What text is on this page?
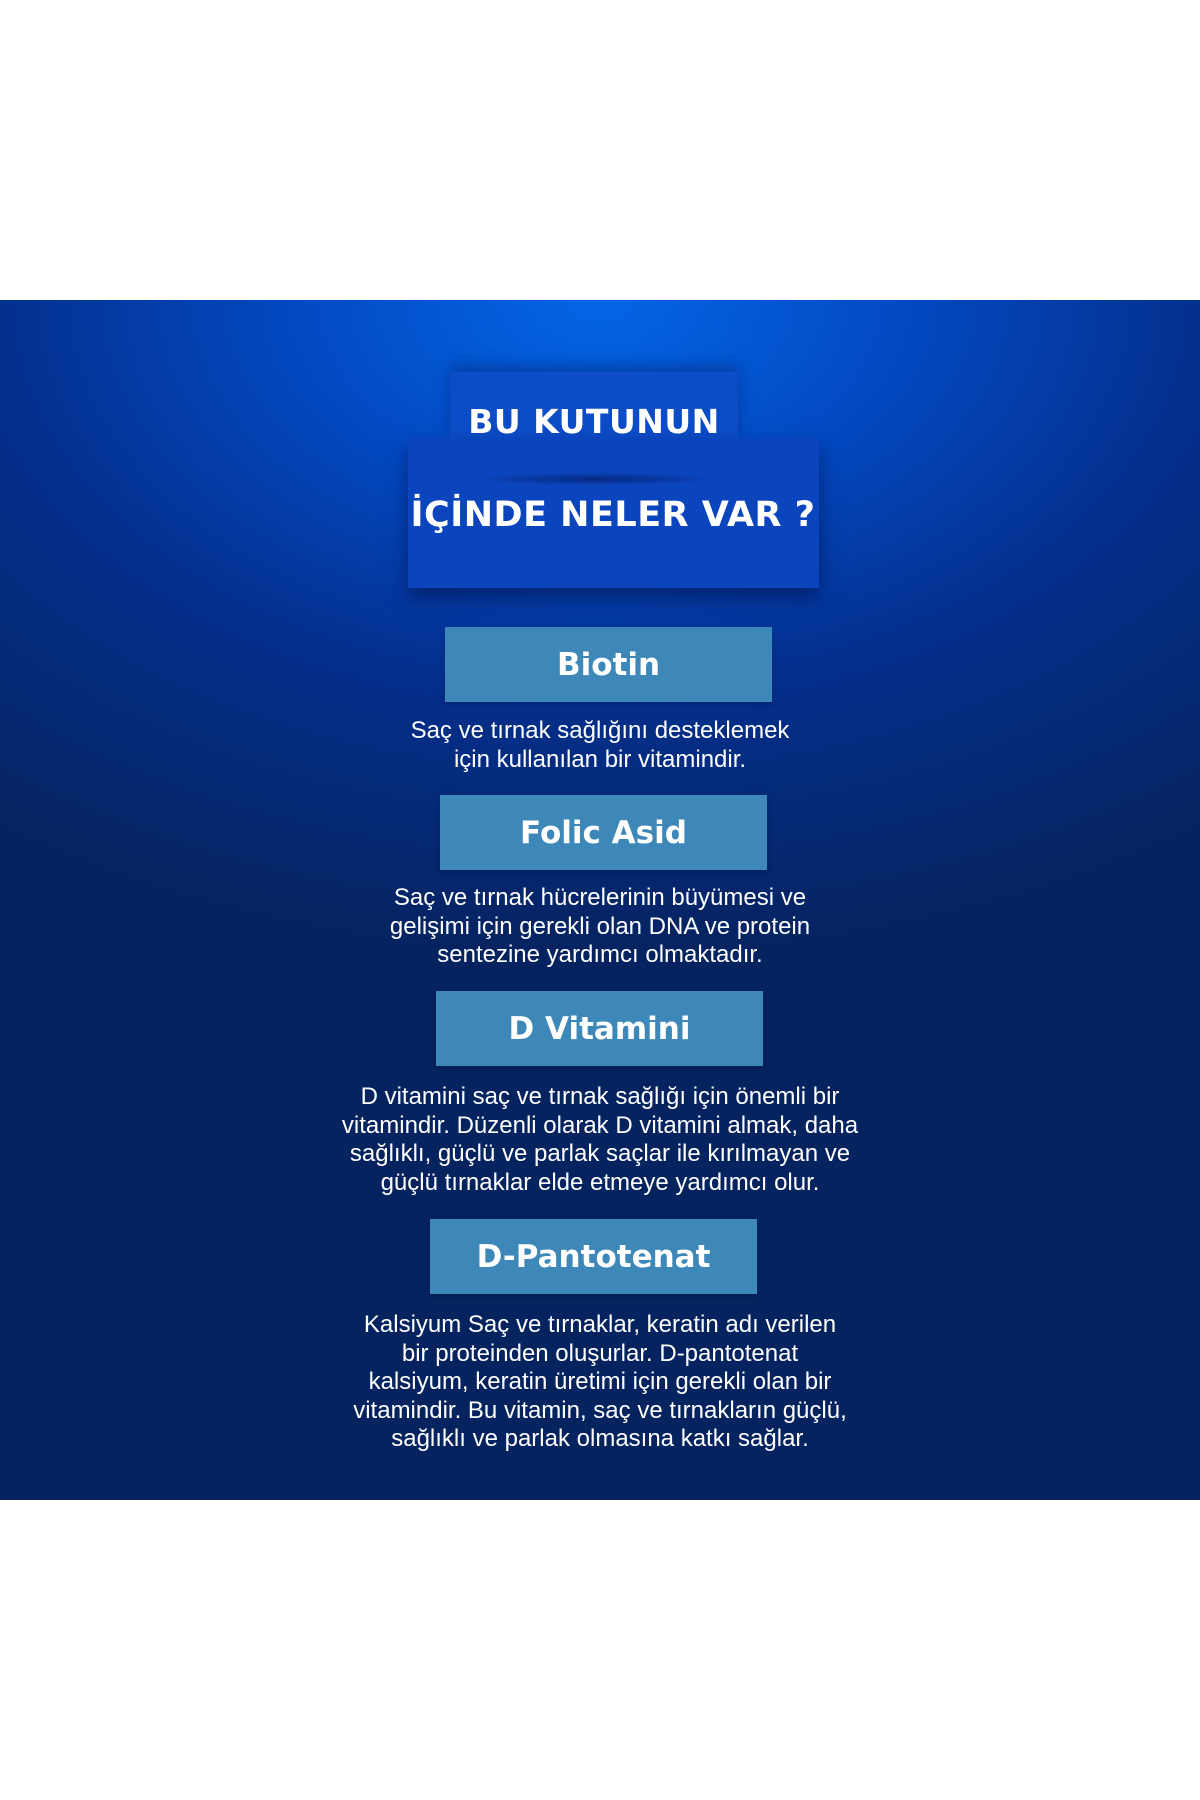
BU KUTUNUN
İÇİNDE NELER VAR ?
Biotin
Saç ve tırnak sağlığını desteklemek
için kullanılan bir vitamindir.
Folic Asid
Saç ve tırnak hücrelerinin büyümesi ve
gelişimi için gerekli olan DNA ve protein
sentezine yardımcı olmaktadır.
D Vitamini
D vitamini saç ve tırnak sağlığı için önemli bir
vitamindir. Düzenli olarak D vitamini almak, daha
sağlıklı, güçlü ve parlak saçlar ile kırılmayan ve
güçlü tırnaklar elde etmeye yardımcı olur.
D-Pantotenat
Kalsiyum Saç ve tırnaklar, keratin adı verilen
bir proteinden oluşurlar. D-pantotenat
kalsiyum, keratin üretimi için gerekli olan bir
vitamindir. Bu vitamin, saç ve tırnakların güçlü,
sağlıklı ve parlak olmasına katkı sağlar.
